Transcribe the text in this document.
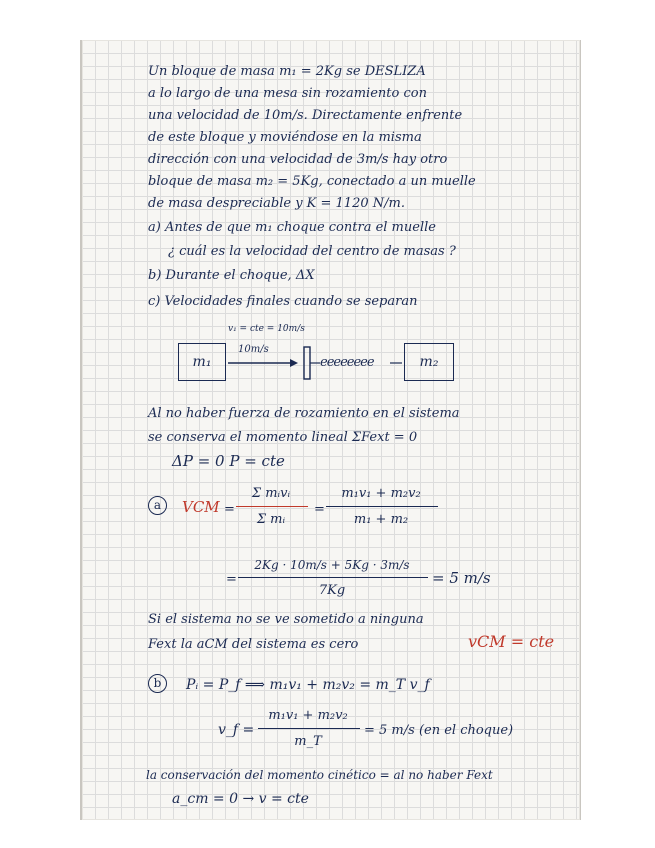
Un bloque de masa m₁ = 2Kg se DESLIZA
a lo largo de una mesa sin rozamiento con
una velocidad de 10m/s. Directamente enfrente
de este bloque y moviéndose en la misma
dirección con una velocidad de 3m/s hay otro
bloque de masa m₂ = 5Kg, conectado a un muelle
de masa despreciable y K = 1120 N/m.
a) Antes de que m₁ choque contra el muelle
¿ cuál es la velocidad del centro de masas ?
b) Durante el choque, ΔX
c) Velocidades finales cuando se separan
v₁ = cte = 10m/s
10m/s
m₁	eeeeeeee	m₂
Al no haber fuerza de rozamiento en el sistema
se conserva el momento lineal ΣFext = 0
ΔP = 0 P = cte
a	VCM =
Σ mᵢvᵢ
Σ mᵢ
=
m₁v₁ + m₂v₂
m₁ + m₂
=
2Kg · 10m/s + 5Kg · 3m/s
7Kg
= 5 m/s
Si el sistema no se ve sometido a ninguna
Fext la aCM del sistema es cero	vCM = cte
b	Pᵢ = P_f ⟹ m₁v₁ + m₂v₂ = m_T v_f
v_f =
m₁v₁ + m₂v₂
m_T
= 5 m/s (en el choque)
la conservación del momento cinético = al no haber Fext
a_cm = 0 → v = cte
